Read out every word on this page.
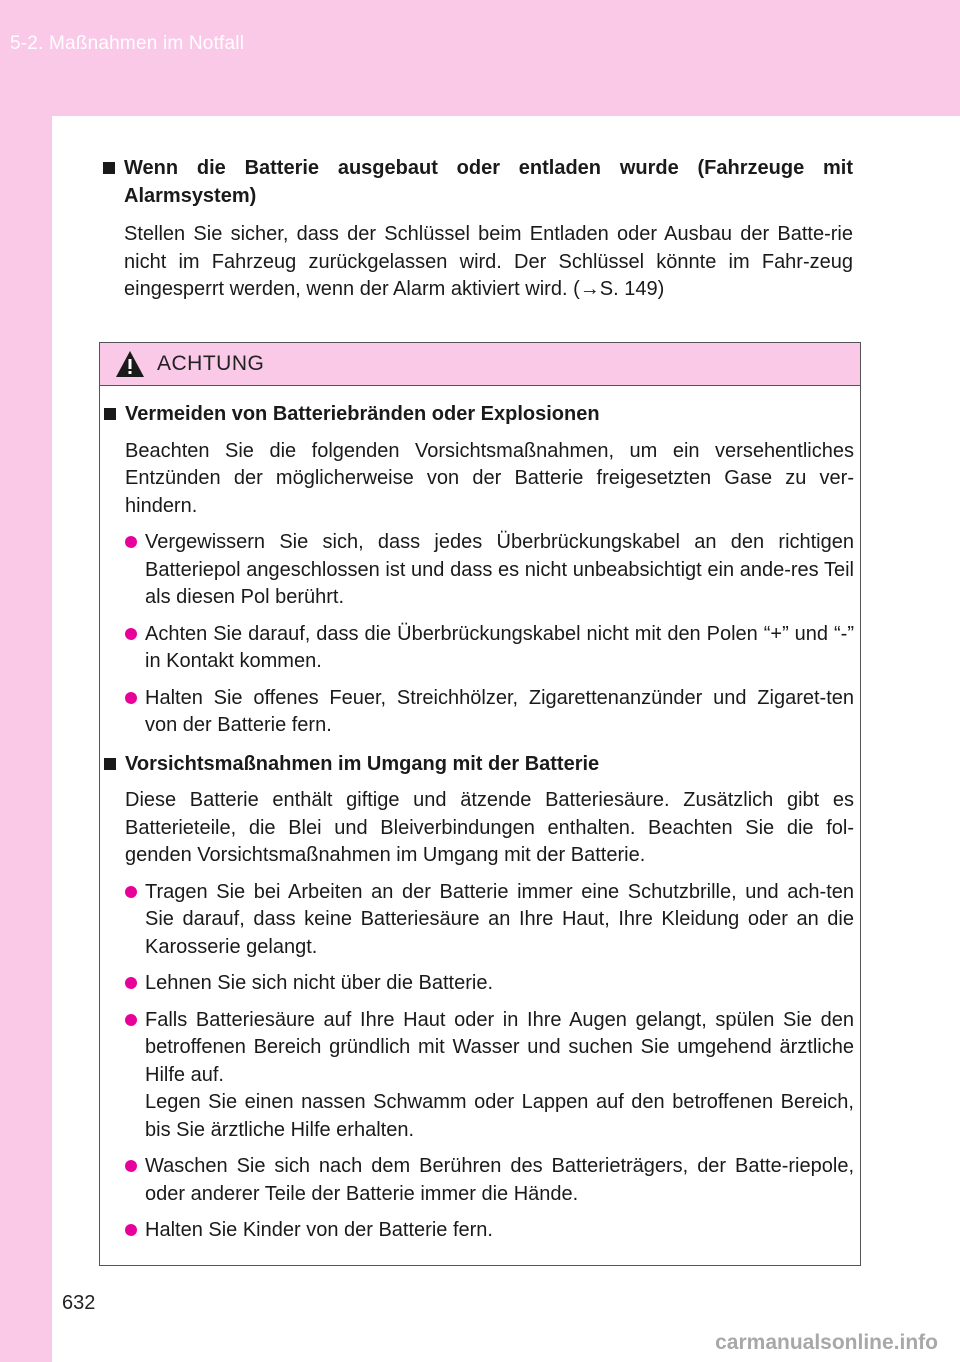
5-2. Maßnahmen im Notfall

Wenn die Batterie ausgebaut oder entladen wurde (Fahrzeuge mit Alarmsystem)

Stellen Sie sicher, dass der Schlüssel beim Entladen oder Ausbau der Batte-rie nicht im Fahrzeug zurückgelassen wird. Der Schlüssel könnte im Fahr-zeug eingesperrt werden, wenn der Alarm aktiviert wird. (→S. 149)

ACHTUNG

Vermeiden von Batteriebränden oder Explosionen

Beachten Sie die folgenden Vorsichtsmaßnahmen, um ein versehentliches Entzünden der möglicherweise von der Batterie freigesetzten Gase zu ver-hindern.

Vergewissern Sie sich, dass jedes Überbrückungskabel an den richtigen Batteriepol angeschlossen ist und dass es nicht unbeabsichtigt ein ande-res Teil als diesen Pol berührt.

Achten Sie darauf, dass die Überbrückungskabel nicht mit den Polen “+” und “-” in Kontakt kommen.

Halten Sie offenes Feuer, Streichhölzer, Zigarettenanzünder und Zigaret-ten von der Batterie fern.

Vorsichtsmaßnahmen im Umgang mit der Batterie

Diese Batterie enthält giftige und ätzende Batteriesäure. Zusätzlich gibt es Batterieteile, die Blei und Bleiverbindungen enthalten. Beachten Sie die fol-genden Vorsichtsmaßnahmen im Umgang mit der Batterie.

Tragen Sie bei Arbeiten an der Batterie immer eine Schutzbrille, und ach-ten Sie darauf, dass keine Batteriesäure an Ihre Haut, Ihre Kleidung oder an die Karosserie gelangt.

Lehnen Sie sich nicht über die Batterie.

Falls Batteriesäure auf Ihre Haut oder in Ihre Augen gelangt, spülen Sie den betroffenen Bereich gründlich mit Wasser und suchen Sie umgehend ärztliche Hilfe auf.
Legen Sie einen nassen Schwamm oder Lappen auf den betroffenen Bereich, bis Sie ärztliche Hilfe erhalten.

Waschen Sie sich nach dem Berühren des Batterieträgers, der Batte-riepole, oder anderer Teile der Batterie immer die Hände.

Halten Sie Kinder von der Batterie fern.

632
carmanualsonline.info
